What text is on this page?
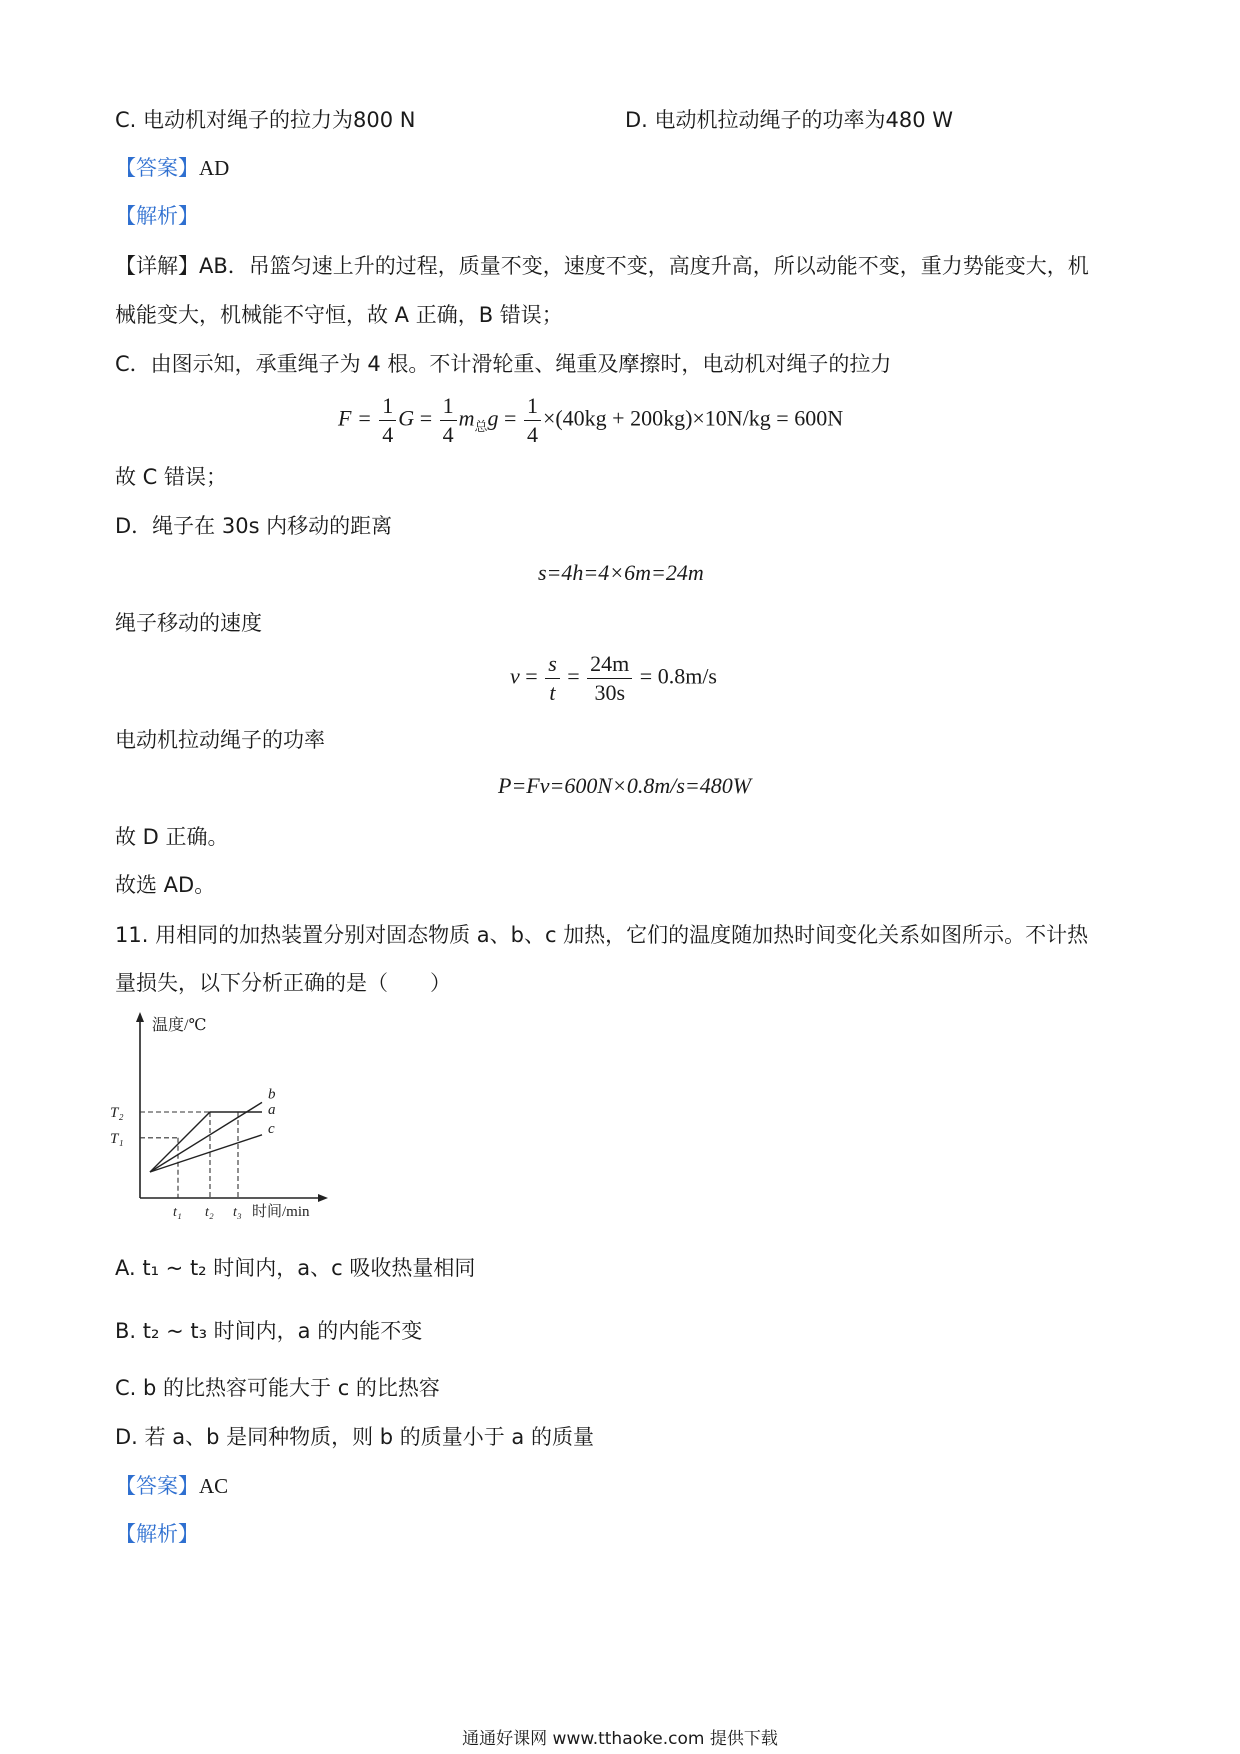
C. 电动机对绳子的拉力为800 N	D. 电动机拉动绳子的功率为480 W
【答案】AD
【解析】
【详解】AB．吊篮匀速上升的过程，质量不变，速度不变，高度升高，所以动能不变，重力势能变大，机
械能变大，机械能不守恒，故 A 正确，B 错误；
C．由图示知，承重绳子为 4 根。不计滑轮重、绳重及摩擦时，电动机对绳子的拉力
$F = \frac{1}{4}$ $G = \frac{1}{4} m_总g = \frac{1}{4} \times(40kg + 200kg)\times 10N/kg = 600N$
故 C 错误；
D．绳子在 30s 内移动的距离
s=4h=4×6m=24m
绳子移动的速度
$v = \frac{s}{t} = \frac{24m}{30s} = 0.8m/s$
电动机拉动绳子的功率
P=Fv=600N×0.8m/s=480W
故 D 正确。
故选 AD。
11. 用相同的加热装置分别对固态物质 a、b、c 加热，它们的温度随加热时间变化关系如图所示。不计热
量损失，以下分析正确的是（　　）
a
b
c
T₁
T₂
t₁ t₂ t₃
温度/℃
时间/min
A. t₁ ~ t₂ 时间内，a、c 吸收热量相同
B. t₂ ~ t₃ 时间内，a 的内能不变
C. b 的比热容可能大于 c 的比热容
D. 若 a、b 是同种物质，则 b 的质量小于 a 的质量
【答案】AC
【解析】
通通好课网 www.tthaoke.com 提供下载
